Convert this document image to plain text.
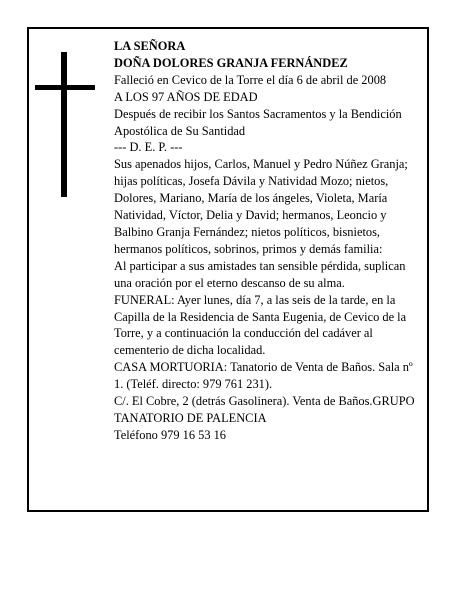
LA SEÑORA

DOÑA DOLORES GRANJA FERNÁNDEZ

Falleció en Cevico de la Torre el día 6 de abril de 2008

A LOS 97 AÑOS DE EDAD

Después de recibir los Santos Sacramentos y la Bendición Apostólica de Su Santidad

--- D. E. P. ---

Sus apenados hijos, Carlos, Manuel y Pedro Núñez Granja; hijas políticas, Josefa Dávila y Natividad Mozo; nietos, Dolores, Mariano, María de los ángeles, Violeta, María Natividad, Víctor, Delia y David; hermanos, Leoncio y Balbino Granja Fernández; nietos políticos, bisnietos, hermanos políticos, sobrinos, primos y demás familia:

Al participar a sus amistades tan sensible pérdida, suplican una oración por el eterno descanso de su alma.

FUNERAL: Ayer lunes, día 7, a las seis de la tarde, en la Capilla de la Residencia de Santa Eugenia, de Cevico de la Torre, y a continuación la conducción del cadáver al cementerio de dicha localidad.

CASA MORTUORIA: Tanatorio de Venta de Baños. Sala nº 1. (Teléf. directo: 979 761 231).

C/. El Cobre, 2 (detrás Gasolinera). Venta de Baños.GRUPO TANATORIO DE PALENCIA

Teléfono 979 16 53 16
